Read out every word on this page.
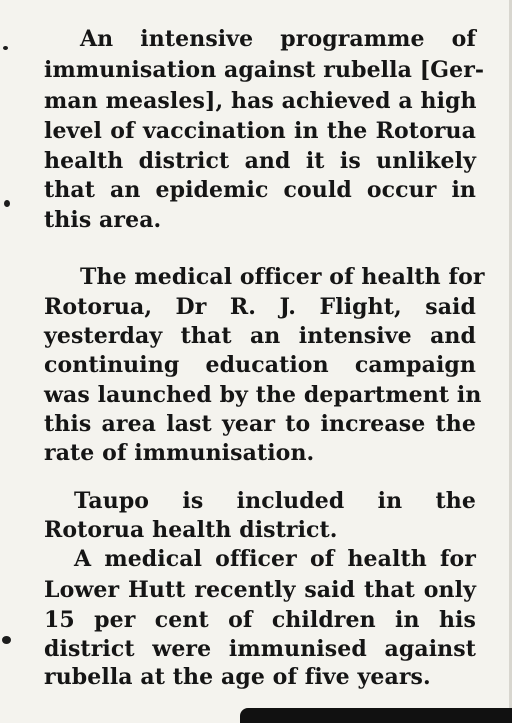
An intensive programme of
immunisation against rubella [Ger-
man measles], has achieved a high
level of vaccination in the Rotorua
health district and it is unlikely
that an epidemic could occur in
this area.
The medical officer of health for
Rotorua, Dr R. J. Flight, said
yesterday that an intensive and
continuing education campaign
was launched by the department in
this area last year to increase the
rate of immunisation.
Taupo is included in the
Rotorua health district.
A medical officer of health for
Lower Hutt recently said that only
15 per cent of children in his
district were immunised against
rubella at the age of five years.
